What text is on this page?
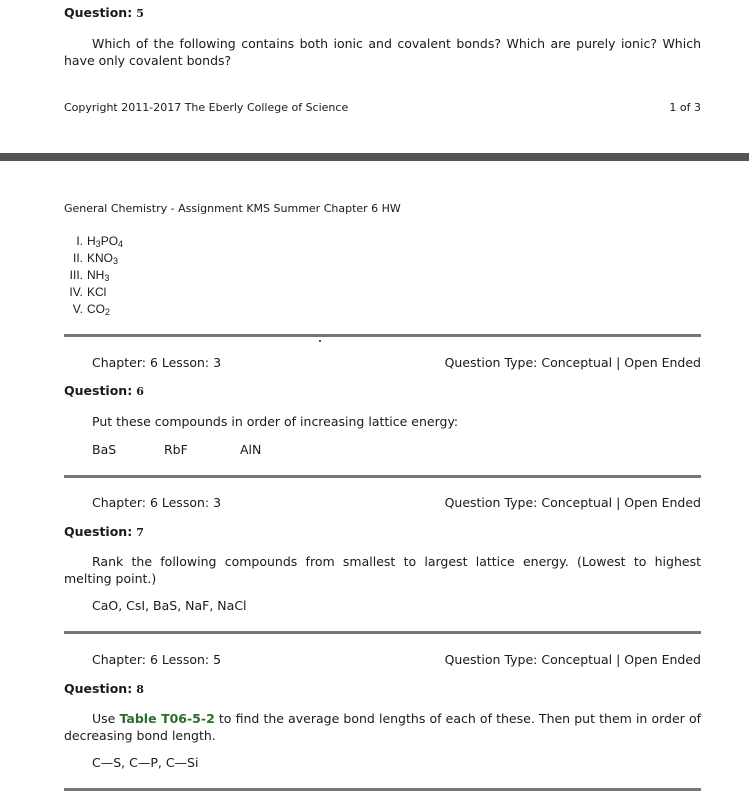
Question: 5
Which of the following contains both ionic and covalent bonds? Which are purely ionic? Which have only covalent bonds?
Copyright 2011-2017 The Eberly College of Science	1 of 3
General Chemistry - Assignment KMS Summer Chapter 6 HW
I. $H_3PO_4$
II. $KNO_3$
III. $NH_3$
IV. KCl
V. $CO_2$
Chapter: 6 Lesson: 3	Question Type: Conceptual | Open Ended
Question: 6
Put these compounds in order of increasing lattice energy:
BaS	RbF	AlN
Chapter: 6 Lesson: 3	Question Type: Conceptual | Open Ended
Question: 7
Rank the following compounds from smallest to largest lattice energy. (Lowest to highest melting point.)
CaO, CsI, BaS, NaF, NaCl
Chapter: 6 Lesson: 5	Question Type: Conceptual | Open Ended
Question: 8
Use Table T06-5-2 to find the average bond lengths of each of these. Then put them in order of decreasing bond length.
C—S, C—P, C—Si
